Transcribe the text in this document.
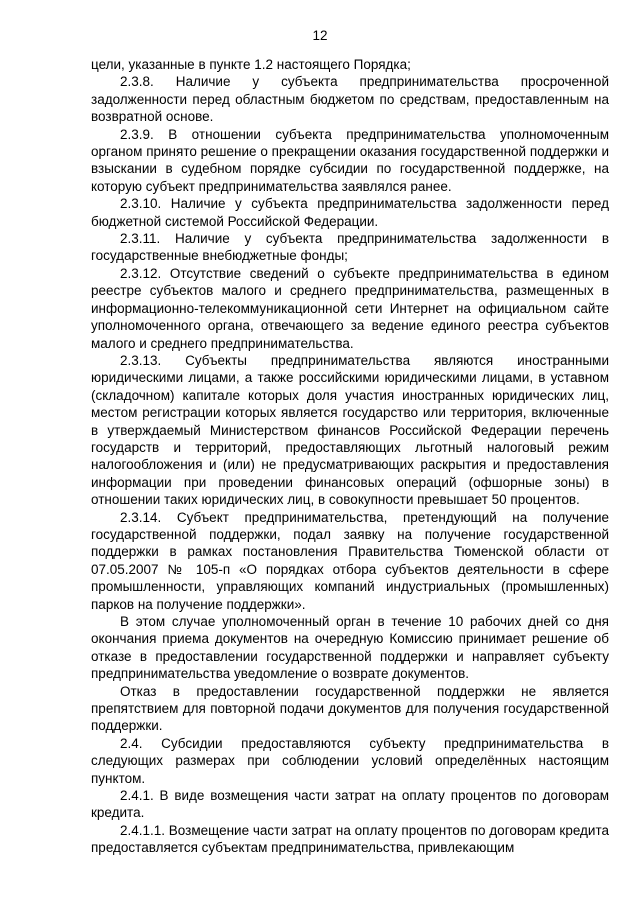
12

цели, указанные в пункте 1.2 настоящего Порядка;

2.3.8. Наличие у субъекта предпринимательства просроченной задолженности перед областным бюджетом по средствам, предоставленным на возвратной основе.

2.3.9. В отношении субъекта предпринимательства уполномоченным органом принято решение о прекращении оказания государственной поддержки и взыскании в судебном порядке субсидии по государственной поддержке, на которую субъект предпринимательства заявлялся ранее.

2.3.10. Наличие у субъекта предпринимательства задолженности перед бюджетной системой Российской Федерации.

2.3.11. Наличие у субъекта предпринимательства задолженности в государственные внебюджетные фонды;

2.3.12. Отсутствие сведений о субъекте предпринимательства в едином реестре субъектов малого и среднего предпринимательства, размещенных в информационно-телекоммуникационной сети Интернет на официальном сайте уполномоченного органа, отвечающего за ведение единого реестра субъектов малого и среднего предпринимательства.

2.3.13. Субъекты предпринимательства являются иностранными юридическими лицами, а также российскими юридическими лицами, в уставном (складочном) капитале которых доля участия иностранных юридических лиц, местом регистрации которых является государство или территория, включенные в утверждаемый Министерством финансов Российской Федерации перечень государств и территорий, предоставляющих льготный налоговый режим налогообложения и (или) не предусматривающих раскрытия и предоставления информации при проведении финансовых операций (офшорные зоны) в отношении таких юридических лиц, в совокупности превышает 50 процентов.

2.3.14. Субъект предпринимательства, претендующий на получение государственной поддержки, подал заявку на получение государственной поддержки в рамках постановления Правительства Тюменской области от 07.05.2007 № 105-п «О порядках отбора субъектов деятельности в сфере промышленности, управляющих компаний индустриальных (промышленных) парков на получение поддержки».

В этом случае уполномоченный орган в течение 10 рабочих дней со дня окончания приема документов на очередную Комиссию принимает решение об отказе в предоставлении государственной поддержки и направляет субъекту предпринимательства уведомление о возврате документов.

Отказ в предоставлении государственной поддержки не является препятствием для повторной подачи документов для получения государственной поддержки.

2.4. Субсидии предоставляются субъекту предпринимательства в следующих размерах при соблюдении условий определённых настоящим пунктом.

2.4.1. В виде возмещения части затрат на оплату процентов по договорам кредита.

2.4.1.1. Возмещение части затрат на оплату процентов по договорам кредита предоставляется субъектам предпринимательства, привлекающим
